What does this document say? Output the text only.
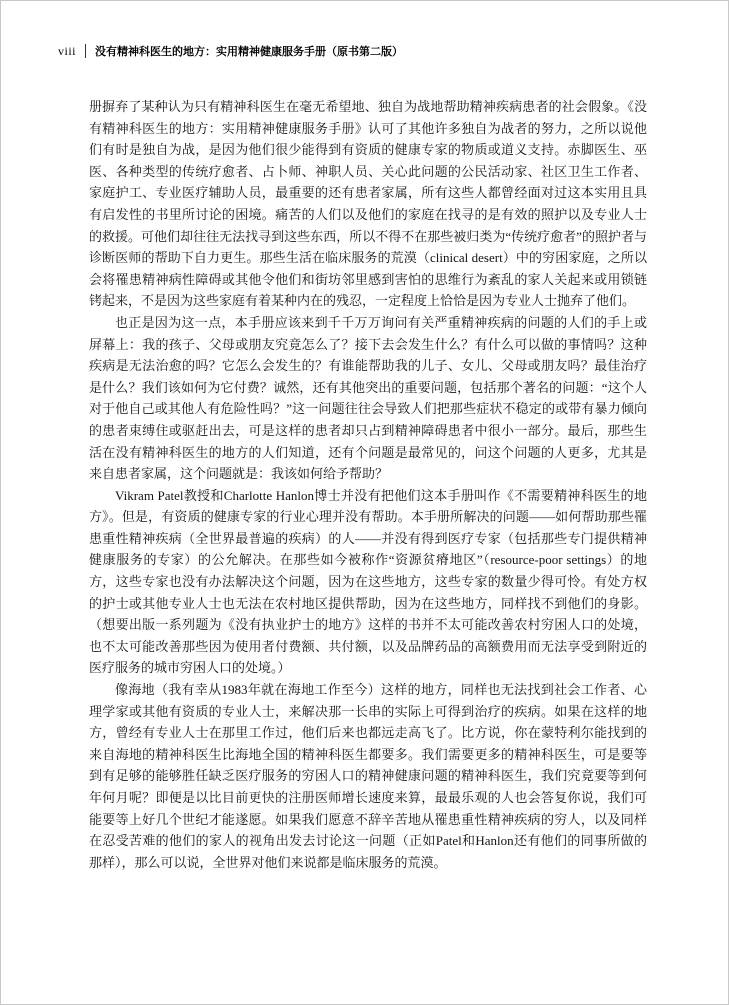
viii 没有精神科医生的地方：实用精神健康服务手册（原书第二版）

册摒弃了某种认为只有精神科医生在毫无希望地、独自为战地帮助精神疾病患者的社会假象。《没有精神科医生的地方：实用精神健康服务手册》认可了其他许多独自为战者的努力，之所以说他们有时是独自为战，是因为他们很少能得到有资质的健康专家的物质或道义支持。赤脚医生、巫医、各种类型的传统疗愈者、占卜师、神职人员、关心此问题的公民活动家、社区卫生工作者、家庭护工、专业医疗辅助人员，最重要的还有患者家属，所有这些人都曾经面对过这本实用且具有启发性的书里所讨论的困境。痛苦的人们以及他们的家庭在找寻的是有效的照护以及专业人士的救援。可他们却往往无法找寻到这些东西，所以不得不在那些被归类为“传统疗愈者”的照护者与诊断医师的帮助下自力更生。那些生活在临床服务的荒漠（clinical desert）中的穷困家庭，之所以会将罹患精神病性障碍或其他令他们和街坊邻里感到害怕的思维行为紊乱的家人关起来或用锁链铐起来，不是因为这些家庭有着某种内在的残忍，一定程度上恰恰是因为专业人士抛弃了他们。

也正是因为这一点，本手册应该来到千千万万询问有关严重精神疾病的问题的人们的手上或屏幕上：我的孩子、父母或朋友究竟怎么了？接下去会发生什么？有什么可以做的事情吗？这种疾病是无法治愈的吗？它怎么会发生的？有谁能帮助我的儿子、女儿、父母或朋友吗？最佳治疗是什么？我们该如何为它付费？诚然，还有其他突出的重要问题，包括那个著名的问题：“这个人对于他自己或其他人有危险性吗？”这一问题往往会导致人们把那些症状不稳定的或带有暴力倾向的患者束缚住或驱赶出去，可是这样的患者却只占到精神障碍患者中很小一部分。最后，那些生活在没有精神科医生的地方的人们知道，还有个问题是最常见的，问这个问题的人更多，尤其是来自患者家属，这个问题就是：我该如何给予帮助？

Vikram Patel教授和Charlotte Hanlon博士并没有把他们这本手册叫作《不需要精神科医生的地方》。但是，有资质的健康专家的行业心理并没有帮助。本手册所解决的问题——如何帮助那些罹患重性精神疾病（全世界最普遍的疾病）的人——并没有得到医疗专家（包括那些专门提供精神健康服务的专家）的公允解决。在那些如今被称作“资源贫瘠地区”（resource-poor settings）的地方，这些专家也没有办法解决这个问题，因为在这些地方，这些专家的数量少得可怜。有处方权的护士或其他专业人士也无法在农村地区提供帮助，因为在这些地方，同样找不到他们的身影。（想要出版一系列题为《没有执业护士的地方》这样的书并不太可能改善农村穷困人口的处境，也不太可能改善那些因为使用者付费额、共付额，以及品牌药品的高额费用而无法享受到附近的医疗服务的城市穷困人口的处境。）

像海地（我有幸从1983年就在海地工作至今）这样的地方，同样也无法找到社会工作者、心理学家或其他有资质的专业人士，来解决那一长串的实际上可得到治疗的疾病。如果在这样的地方，曾经有专业人士在那里工作过，他们后来也都远走高飞了。比方说，你在蒙特利尔能找到的来自海地的精神科医生比海地全国的精神科医生都要多。我们需要更多的精神科医生，可是要等到有足够的能够胜任缺乏医疗服务的穷困人口的精神健康问题的精神科医生，我们究竟要等到何年何月呢？即便是以比目前更快的注册医师增长速度来算，最最乐观的人也会答复你说，我们可能要等上好几个世纪才能遂愿。如果我们愿意不辞辛苦地从罹患重性精神疾病的穷人，以及同样在忍受苦难的他们的家人的视角出发去讨论这一问题（正如Patel和Hanlon还有他们的同事所做的那样），那么可以说，全世界对他们来说都是临床服务的荒漠。
